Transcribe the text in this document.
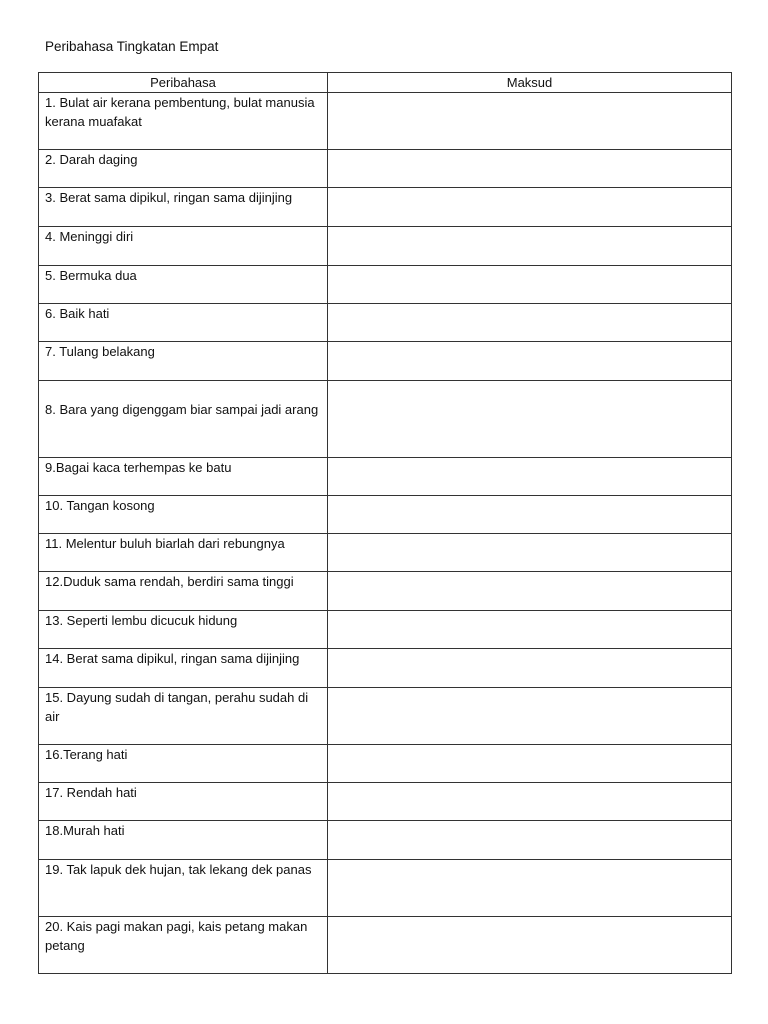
Peribahasa Tingkatan Empat
Peribahasa	Maksud

1. Bulat air kerana pembentung, bulat manusia kerana muafakat	

2. Darah daging	

3. Berat sama dipikul, ringan sama dijinjing	

4. Meninggi diri	

5. Bermuka dua	

6. Baik hati	

7. Tulang belakang	

8. Bara yang digenggam biar sampai jadi arang	

9.Bagai kaca terhempas ke batu	

10. Tangan kosong	

11. Melentur buluh biarlah dari rebungnya	

12.Duduk sama rendah, berdiri sama tinggi	

13. Seperti lembu dicucuk hidung	

14. Berat sama dipikul, ringan sama dijinjing	

15. Dayung sudah di tangan, perahu sudah di air	

16.Terang hati	

17. Rendah hati	

18.Murah hati	

19. Tak lapuk dek hujan, tak lekang dek panas	

20. Kais pagi makan pagi, kais petang makan petang	
